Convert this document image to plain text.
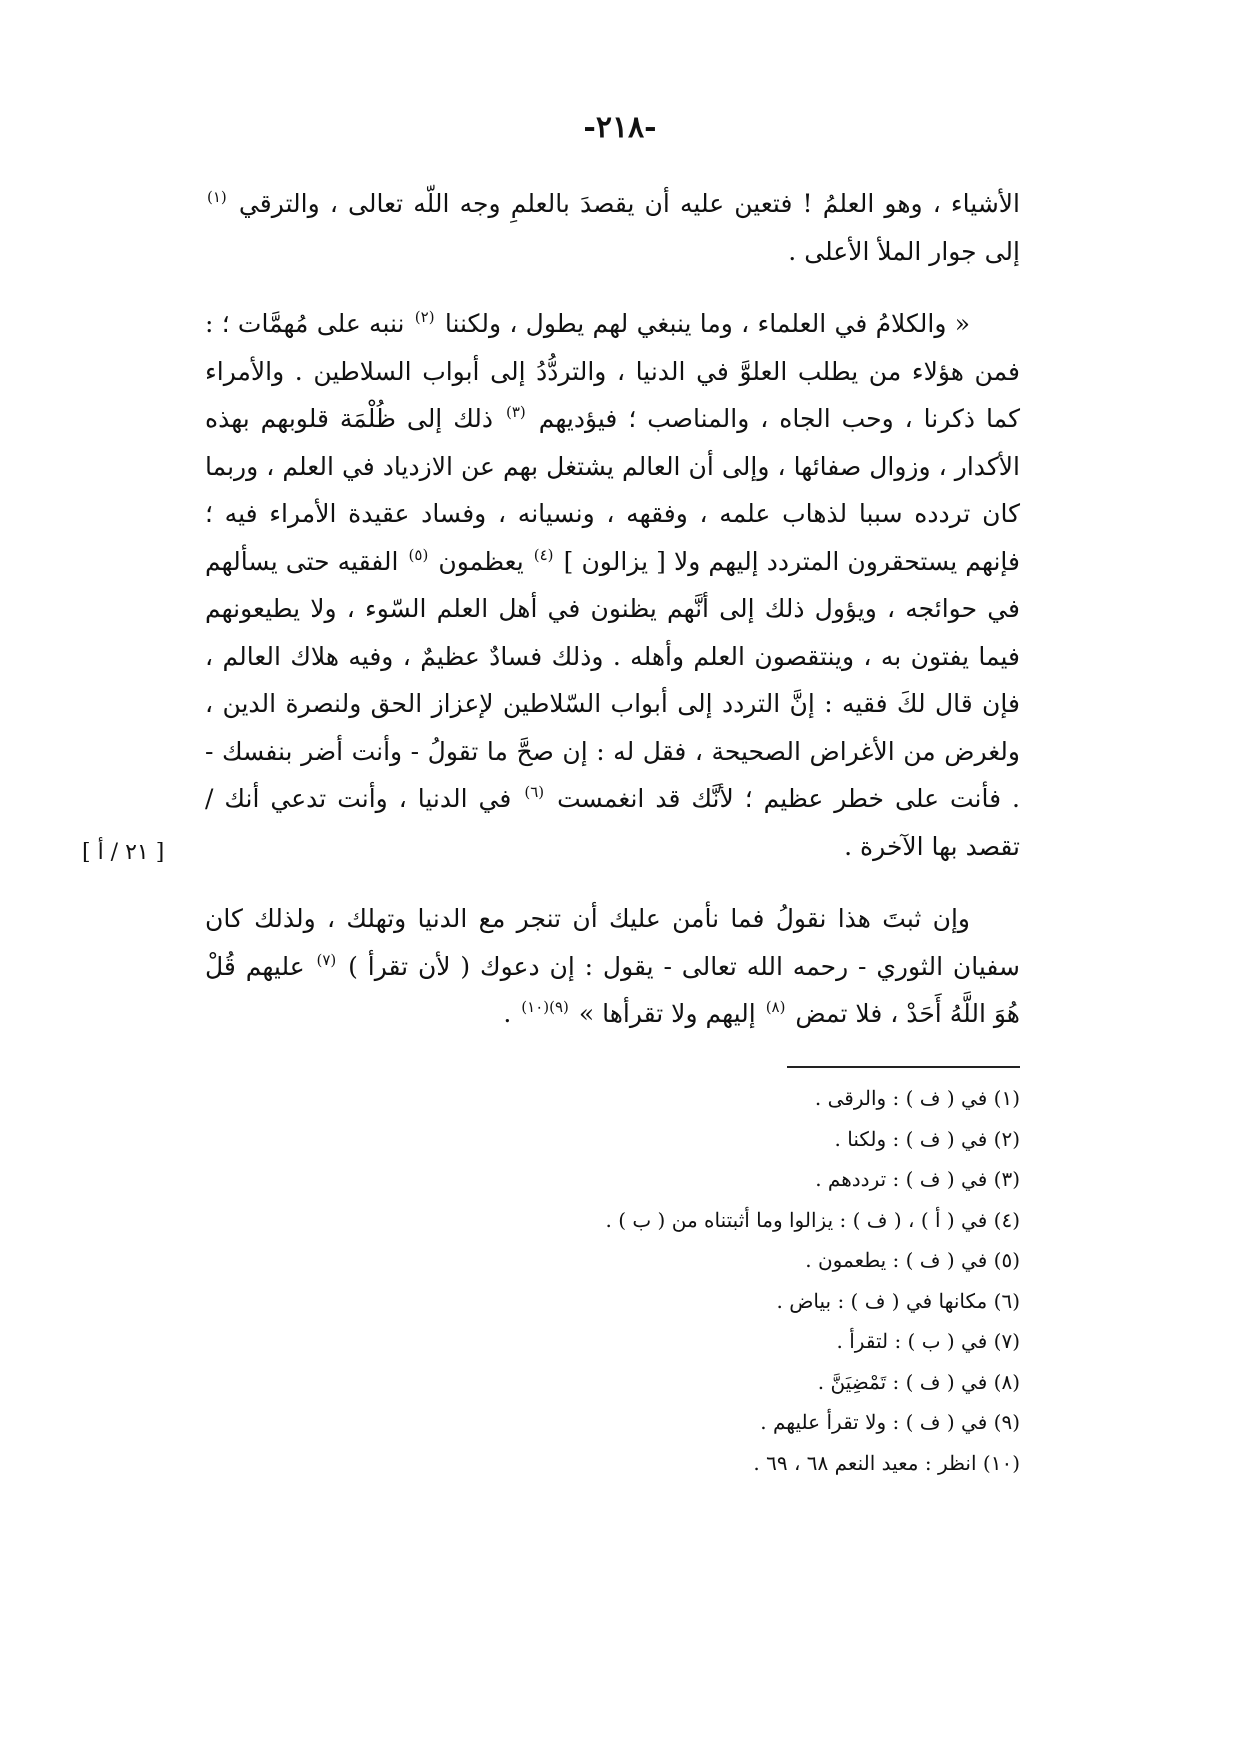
-٢١٨-
[ ٢١ / أ ]

الأشياء ، وهو العلمُ ! فتعين عليه أن يقصدَ بالعلمِ وجه اللّه تعالى ، والترقي $^{(١)}$ إلى جوار الملأ الأعلى .

« والكلامُ في العلماء ، وما ينبغي لهم يطول ، ولكننا $^{(٢)}$ ننبه على مُهمَّات ؛ : فمن هؤلاء من يطلب العلوَّ في الدنيا ، والتردُّدُ إلى أبواب السلاطين . والأمراء كما ذكرنا ، وحب الجاه ، والمناصب ؛ فيؤديهم $^{(٣)}$ ذلك إلى ظُلْمَة قلوبهم بهذه الأكدار ، وزوال صفائها ، وإلى أن العالم يشتغل بهم عن الازدياد في العلم ، وربما كان تردده سببا لذهاب علمه ، وفقهه ، ونسيانه ، وفساد عقيدة الأمراء فيه ؛ فإنهم يستحقرون المتردد إليهم ولا [ يزالون ] $^{(٤)}$ يعظمون $^{(٥)}$ الفقيه حتى يسألهم في حوائجه ، ويؤول ذلك إلى أنَّهم يظنون في أهل العلم السّوء ، ولا يطيعونهم فيما يفتون به ، وينتقصون العلم وأهله . وذلك فسادٌ عظيمٌ ، وفيه هلاك العالم ، فإن قال لكَ فقيه : إنَّ التردد إلى أبواب السّلاطين لإعزاز الحق ولنصرة الدين ، ولغرض من الأغراض الصحيحة ، فقل له : إن صحَّ ما تقولُ - وأنت أضر بنفسك - . فأنت على خطر عظيم ؛ لأنَّك قد انغمست $^{(٦)}$ في الدنيا ، وأنت تدعي أنك / تقصد بها الآخرة .

وإن ثبتَ هذا نقولُ فما نأمن عليك أن تنجر مع الدنيا وتهلك ، ولذلك كان سفيان الثوري - رحمه الله تعالى - يقول : إن دعوك ( لأن تقرأ ) $^{(٧)}$ عليهم قُلْ هُوَ اللَّهُ أَحَدْ ، فلا تمض $^{(٨)}$ إليهم ولا تقرأها » $^{(٩)(١٠)}$ .

(١) في ( ف ) : والرقى .
(٢) في ( ف ) : ولكنا .
(٣) في ( ف ) : ترددهم .
(٤) في ( أ ) ، ( ف ) : يزالوا وما أثبتناه من ( ب ) .
(٥) في ( ف ) : يطعمون .
(٦) مكانها في ( ف ) : بياض .
(٧) في ( ب ) : لتقرأ .
(٨) في ( ف ) : تَمْضِيَنَّ .
(٩) في ( ف ) : ولا تقرأ عليهم .
(١٠) انظر : معيد النعم ٦٨ ، ٦٩ .
